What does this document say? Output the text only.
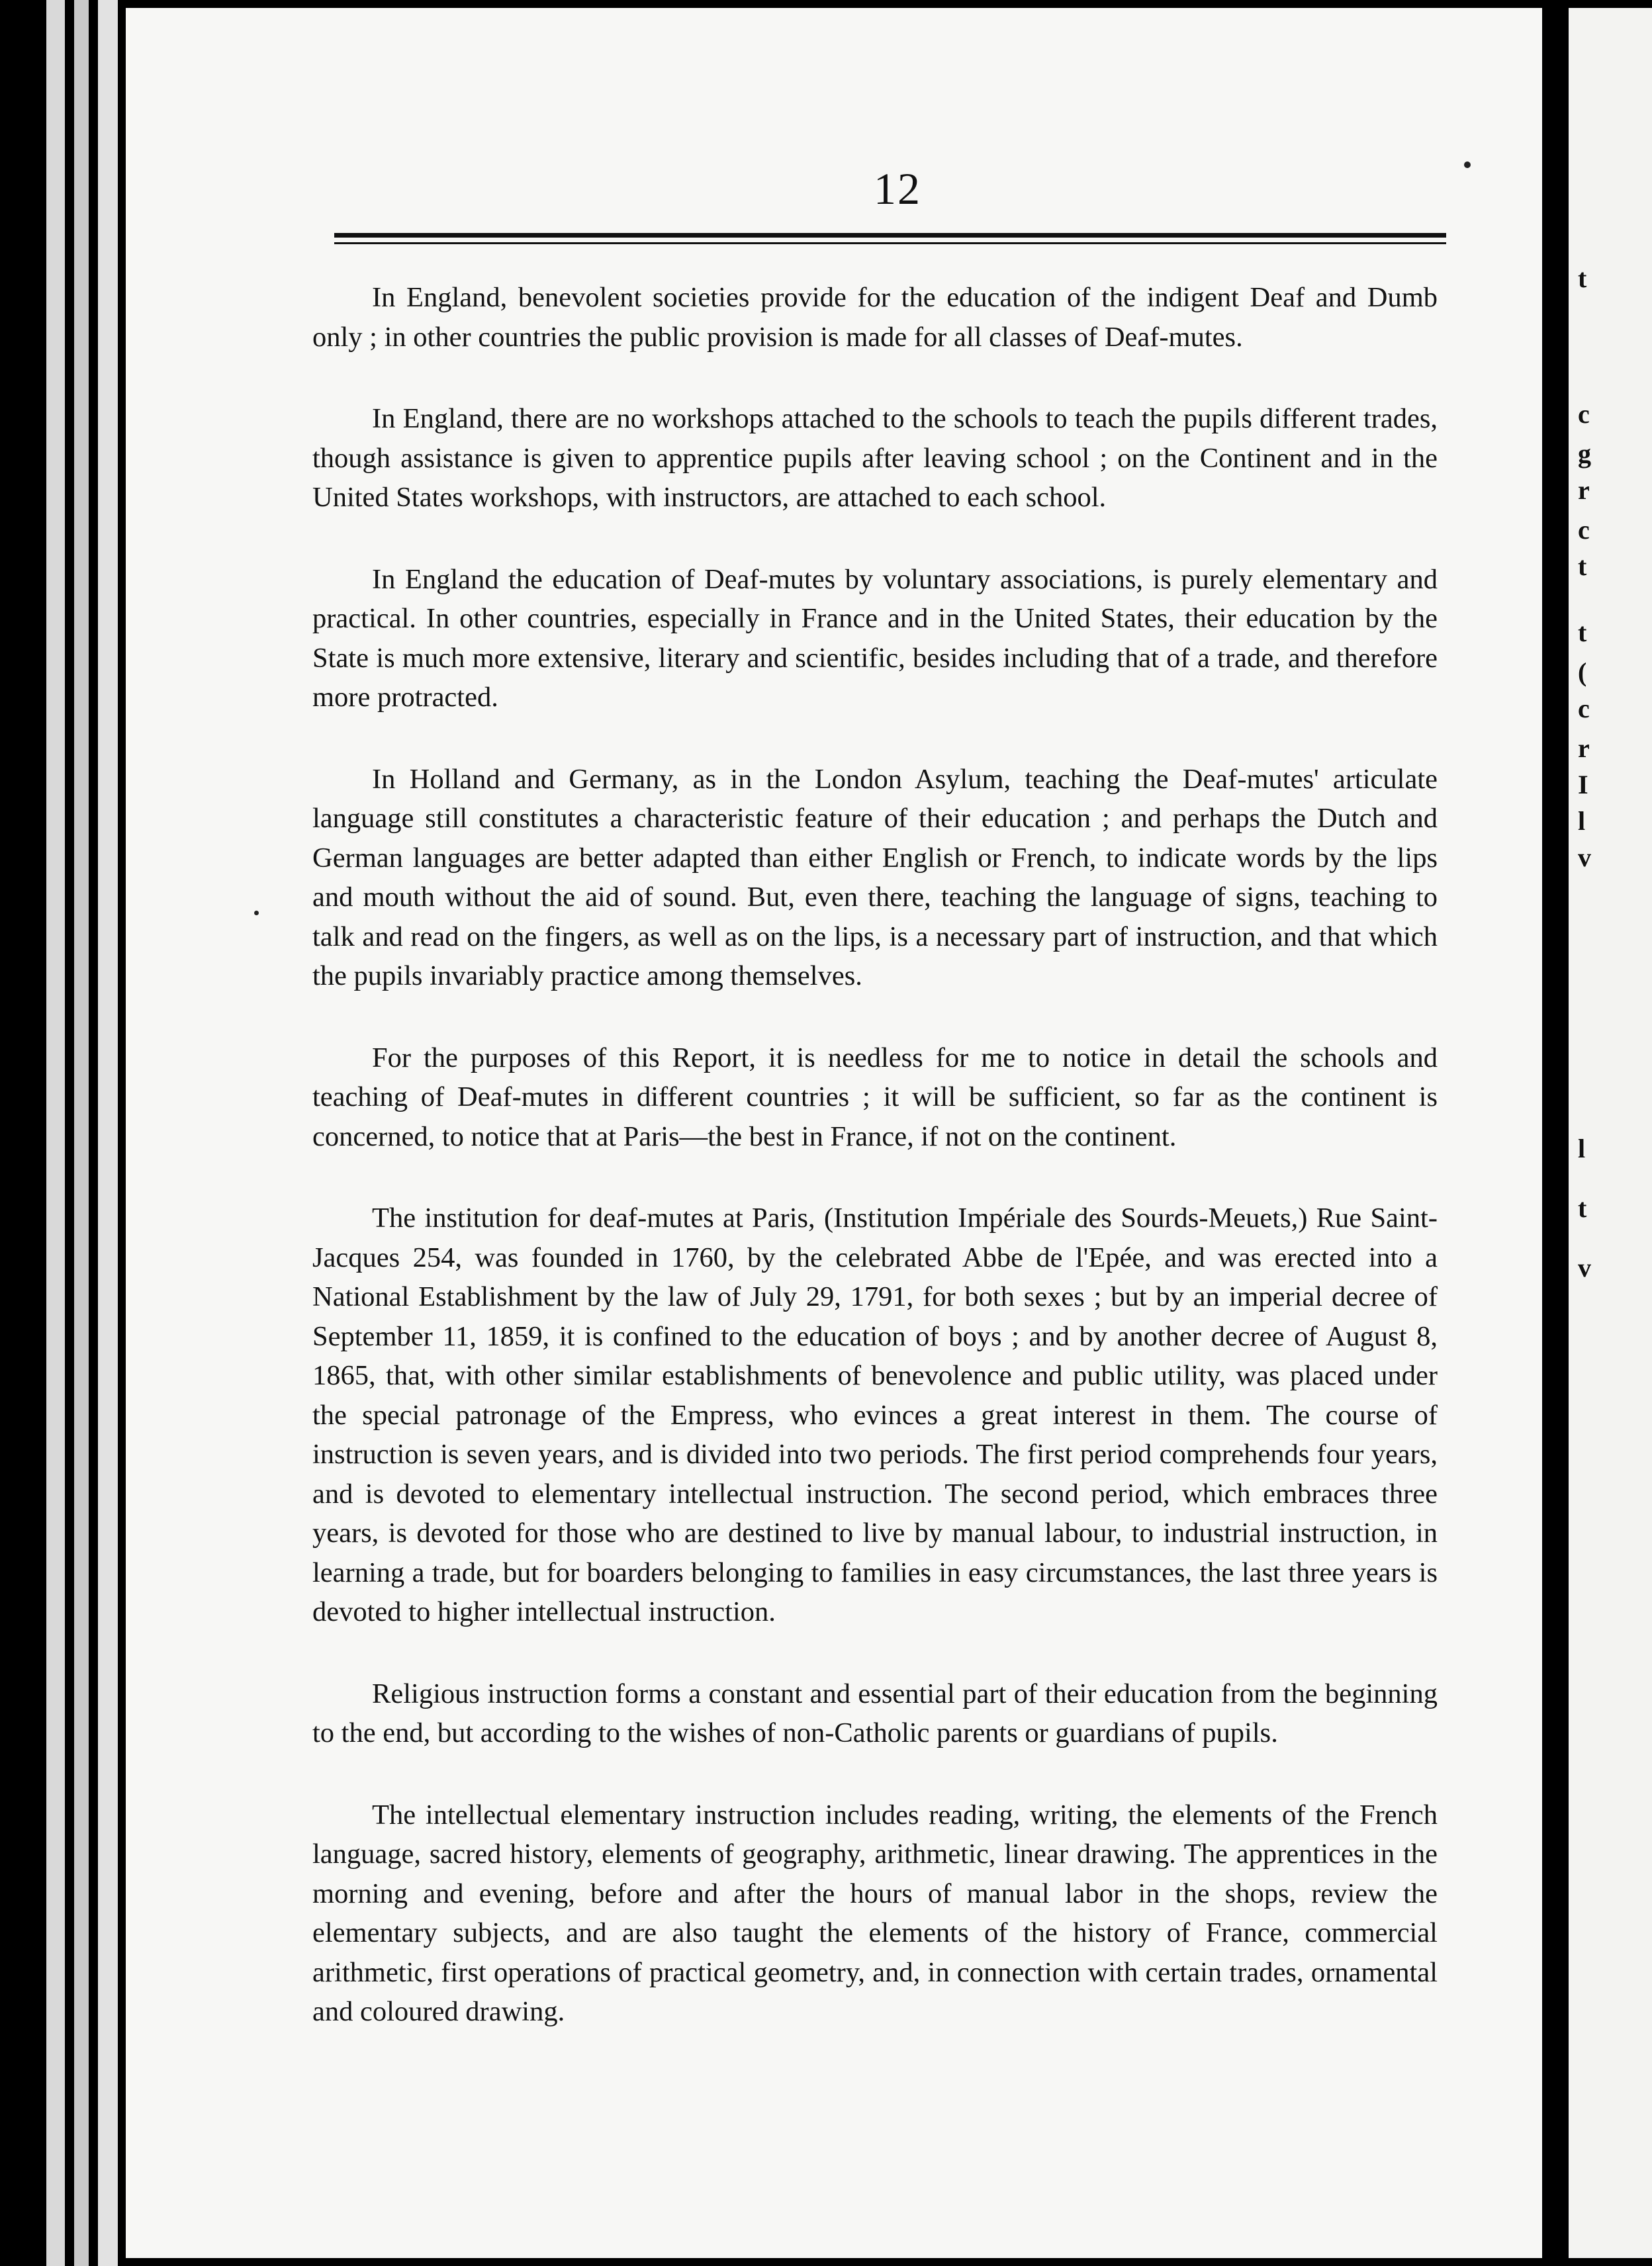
t
c
g
r
c
t
t
(
c
r
I
l
v
l
t
v
12

In England, benevolent societies provide for the education of the indigent Deaf and Dumb only ; in other countries the public provision is made for all classes of Deaf-mutes.

In England, there are no workshops attached to the schools to teach the pupils different trades, though assistance is given to apprentice pupils after leaving school ; on the Continent and in the United States workshops, with instructors, are attached to each school.

In England the education of Deaf-mutes by voluntary associations, is purely elementary and practical. In other countries, especially in France and in the United States, their education by the State is much more extensive, literary and scientific, besides including that of a trade, and therefore more protracted.

In Holland and Germany, as in the London Asylum, teaching the Deaf-mutes' articulate language still constitutes a characteristic feature of their education ; and perhaps the Dutch and German languages are better adapted than either English or French, to indicate words by the lips and mouth without the aid of sound. But, even there, teaching the language of signs, teaching to talk and read on the fingers, as well as on the lips, is a necessary part of instruction, and that which the pupils invariably practice among themselves.

For the purposes of this Report, it is needless for me to notice in detail the schools and teaching of Deaf-mutes in different countries ; it will be sufficient, so far as the continent is concerned, to notice that at Paris—the best in France, if not on the continent.

The institution for deaf-mutes at Paris, (Institution Impériale des Sourds-Meuets,) Rue Saint-Jacques 254, was founded in 1760, by the celebrated Abbe de l'Epée, and was erected into a National Establishment by the law of July 29, 1791, for both sexes ; but by an imperial decree of September 11, 1859, it is confined to the education of boys ; and by another decree of August 8, 1865, that, with other similar establishments of benevolence and public utility, was placed under the special patronage of the Empress, who evinces a great interest in them. The course of instruction is seven years, and is divided into two periods. The first period comprehends four years, and is devoted to elementary intellectual instruction. The second period, which embraces three years, is devoted for those who are destined to live by manual labour, to industrial instruction, in learning a trade, but for boarders belonging to families in easy circumstances, the last three years is devoted to higher intellectual instruction.

Religious instruction forms a constant and essential part of their education from the beginning to the end, but according to the wishes of non-Catholic parents or guardians of pupils.

The intellectual elementary instruction includes reading, writing, the elements of the French language, sacred history, elements of geography, arithmetic, linear drawing. The apprentices in the morning and evening, before and after the hours of manual labor in the shops, review the elementary subjects, and are also taught the elements of the history of France, commercial arithmetic, first operations of practical geometry, and, in connection with certain trades, ornamental and coloured drawing.
